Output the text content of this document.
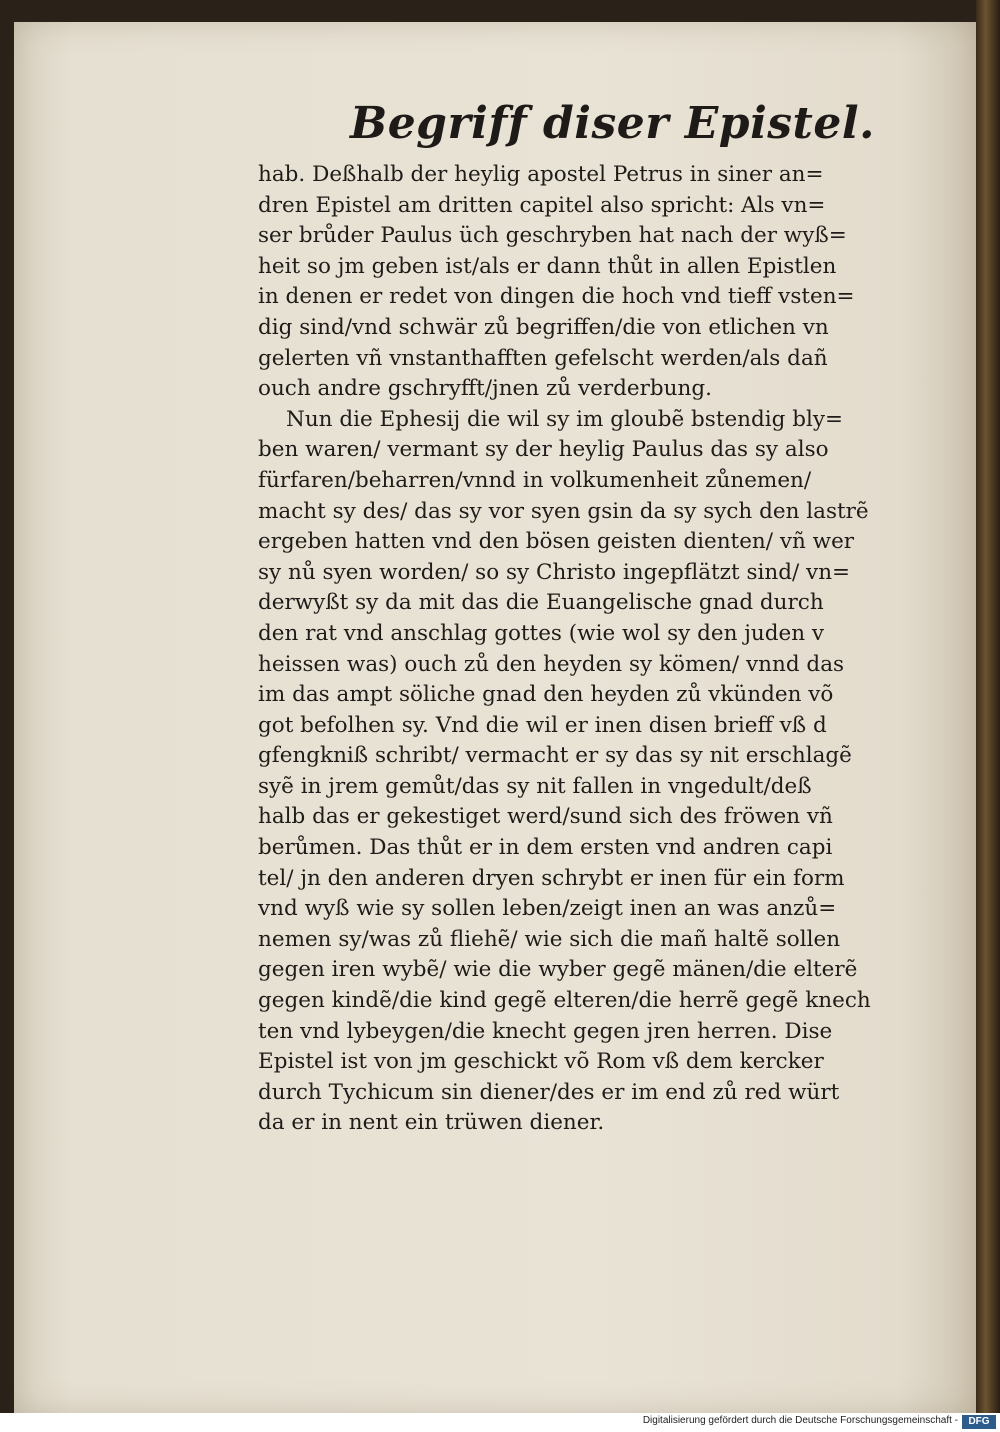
Begriff diser Epistel.
hab. Deßhalb der heylig apostel Petrus in siner an=
dren Epistel am dritten capitel also spricht: Als vn=
ser brůder Paulus üch geschryben hat nach der wyß=
heit so jm geben ist/als er dann thůt in allen Epistlen
in denen er redet von dingen die hoch vnd tieff vsten=
dig sind/vnd schwär zů begriffen/die von etlichen vn
gelerten vñ vnstanthafften gefelscht werden/als dañ
ouch andre gschryfft/jnen zů verderbung.
Nun die Ephesij die wil sy im gloubẽ bstendig bly=
ben waren/ vermant sy der heylig Paulus das sy also
fürfaren/beharren/vnnd in volkumenheit zůnemen/
macht sy des/ das sy vor syen gsin da sy sych den lastrẽ
ergeben hatten vnd den bösen geisten dienten/ vñ wer
sy nů syen worden/ so sy Christo ingepflätzt sind/ vn=
derwyßt sy da mit das die Euangelische gnad durch
den rat vnd anschlag gottes (wie wol sy den juden v
heissen was) ouch zů den heyden sy kömen/ vnnd das
im das ampt söliche gnad den heyden zů vkünden võ
got befolhen sy. Vnd die wil er inen disen brieff vß d
gfengkniß schribt/ vermacht er sy das sy nit erschlagẽ
syẽ in jrem gemůt/das sy nit fallen in vngedult/deß
halb das er gekestiget werd/sund sich des fröwen vñ
berůmen. Das thůt er in dem ersten vnd andren capi
tel/ jn den anderen dryen schrybt er inen für ein form
vnd wyß wie sy sollen leben/zeigt inen an was anzů=
nemen sy/was zů fliehẽ/ wie sich die mañ haltẽ sollen
gegen iren wybẽ/ wie die wyber gegẽ mänen/die elterẽ
gegen kindẽ/die kind gegẽ elteren/die herrẽ gegẽ knech
ten vnd lybeygen/die knecht gegen jren herren. Dise
Epistel ist von jm geschickt võ Rom vß dem kercker
durch Tychicum sin diener/des er im end zů red würt
da er in nent ein trüwen diener.
Digitalisierung gefördert durch die Deutsche Forschungsgemeinschaft -	DFG
